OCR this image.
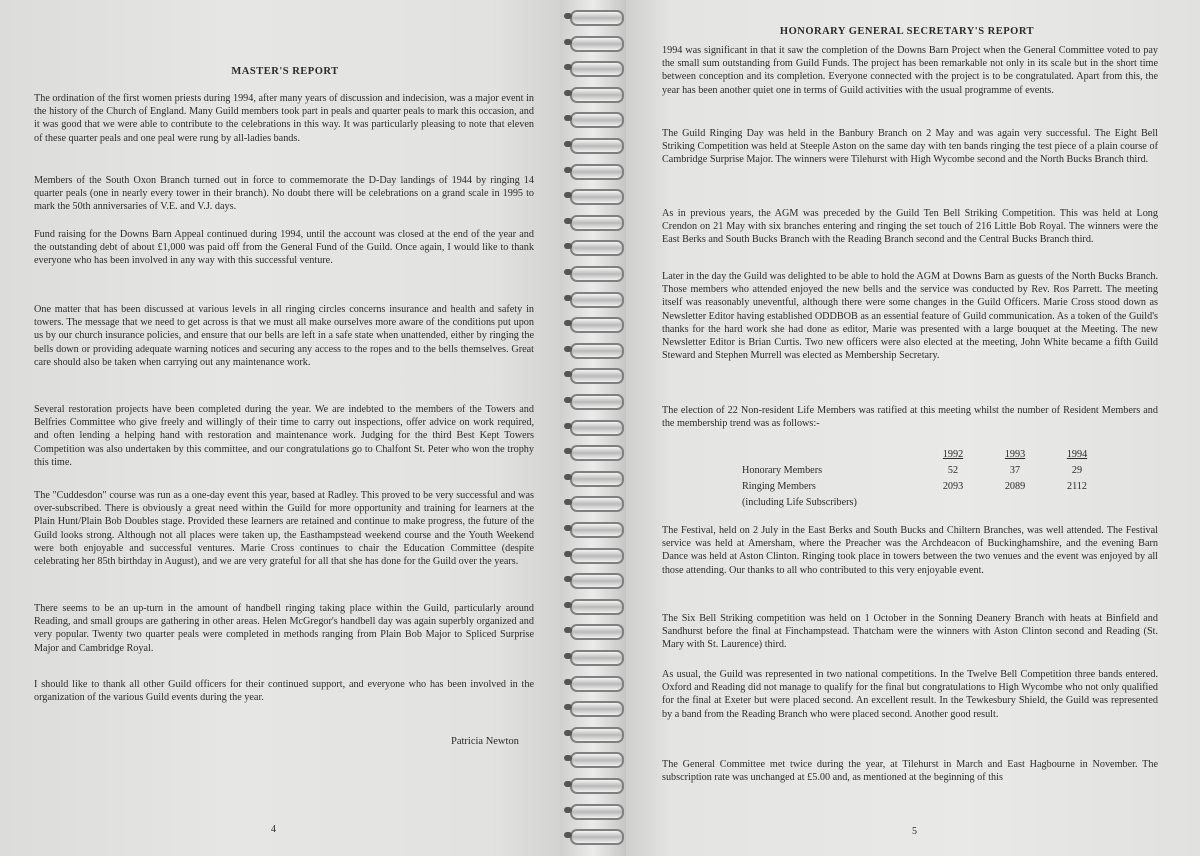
MASTER'S REPORT

The ordination of the first women priests during 1994, after many years of discussion and indecision, was a major event in the history of the Church of England. Many Guild members took part in peals and quarter peals to mark this occasion, and it was good that we were able to contribute to the celebrations in this way. It was particularly pleasing to note that eleven of these quarter peals and one peal were rung by all-ladies bands.

Members of the South Oxon Branch turned out in force to commemorate the D-Day landings of 1944 by ringing 14 quarter peals (one in nearly every tower in their branch). No doubt there will be celebrations on a grand scale in 1995 to mark the 50th anniversaries of V.E. and V.J. days.

Fund raising for the Downs Barn Appeal continued during 1994, until the account was closed at the end of the year and the outstanding debt of about £1,000 was paid off from the General Fund of the Guild. Once again, I would like to thank everyone who has been involved in any way with this successful venture.

One matter that has been discussed at various levels in all ringing circles concerns insurance and health and safety in towers. The message that we need to get across is that we must all make ourselves more aware of the conditions put upon us by our church insurance policies, and ensure that our bells are left in a safe state when unattended, either by ringing the bells down or providing adequate warning notices and securing any access to the ropes and to the bells themselves. Great care should also be taken when carrying out any maintenance work.

Several restoration projects have been completed during the year. We are indebted to the members of the Towers and Belfries Committee who give freely and willingly of their time to carry out inspections, offer advice on work required, and often lending a helping hand with restoration and maintenance work. Judging for the third Best Kept Towers Competition was also undertaken by this committee, and our congratulations go to Chalfont St. Peter who won the trophy this time.

The "Cuddesdon" course was run as a one-day event this year, based at Radley. This proved to be very successful and was over-subscribed. There is obviously a great need within the Guild for more opportunity and training for learners at the Plain Hunt/Plain Bob Doubles stage. Provided these learners are retained and continue to make progress, the future of the Guild looks strong. Although not all places were taken up, the Easthampstead weekend course and the Youth Weekend were both enjoyable and successful ventures. Marie Cross continues to chair the Education Committee (despite celebrating her 85th birthday in August), and we are very grateful for all that she has done for the Guild over the years.

There seems to be an up-turn in the amount of handbell ringing taking place within the Guild, particularly around Reading, and small groups are gathering in other areas. Helen McGregor's handbell day was again superbly organized and very popular. Twenty two quarter peals were completed in methods ranging from Plain Bob Major to Spliced Surprise Major and Cambridge Royal.

I should like to thank all other Guild officers for their continued support, and everyone who has been involved in the organization of the various Guild events during the year.

Patricia Newton
4
HONORARY GENERAL SECRETARY'S REPORT

1994 was significant in that it saw the completion of the Downs Barn Project when the General Committee voted to pay the small sum outstanding from Guild Funds. The project has been remarkable not only in its scale but in the short time between conception and its completion. Everyone connected with the project is to be congratulated. Apart from this, the year has been another quiet one in terms of Guild activities with the usual programme of events.

The Guild Ringing Day was held in the Banbury Branch on 2 May and was again very successful. The Eight Bell Striking Competition was held at Steeple Aston on the same day with ten bands ringing the test piece of a plain course of Cambridge Surprise Major. The winners were Tilehurst with High Wycombe second and the North Bucks Branch third.

As in previous years, the AGM was preceded by the Guild Ten Bell Striking Competition. This was held at Long Crendon on 21 May with six branches entering and ringing the set touch of 216 Little Bob Royal. The winners were the East Berks and South Bucks Branch with the Reading Branch second and the Central Bucks Branch third.

Later in the day the Guild was delighted to be able to hold the AGM at Downs Barn as guests of the North Bucks Branch. Those members who attended enjoyed the new bells and the service was conducted by Rev. Ros Parrett. The meeting itself was reasonably uneventful, although there were some changes in the Guild Officers. Marie Cross stood down as Newsletter Editor having established ODDBOB as an essential feature of Guild communication. As a token of the Guild's thanks for the hard work she had done as editor, Marie was presented with a large bouquet at the Meeting. The new Newsletter Editor is Brian Curtis. Two new officers were also elected at the meeting, John White became a fifth Guild Steward and Stephen Murrell was elected as Membership Secretary.

The election of 22 Non-resident Life Members was ratified at this meeting whilst the number of Resident Members and the membership trend was as follows:-

	1992	1993	1994
Honorary Members	52	37	29
Ringing Members	2093	2089	2112
(including Life Subscribers)			

The Festival, held on 2 July in the East Berks and South Bucks and Chiltern Branches, was well attended. The Festival service was held at Amersham, where the Preacher was the Archdeacon of Buckinghamshire, and the evening Barn Dance was held at Aston Clinton. Ringing took place in towers between the two venues and the event was enjoyed by all those attending. Our thanks to all who contributed to this very enjoyable event.

The Six Bell Striking competition was held on 1 October in the Sonning Deanery Branch with heats at Binfield and Sandhurst before the final at Finchampstead. Thatcham were the winners with Aston Clinton second and Reading (St. Mary with St. Laurence) third.

As usual, the Guild was represented in two national competitions. In the Twelve Bell Competition three bands entered. Oxford and Reading did not manage to qualify for the final but congratulations to High Wycombe who not only qualified for the final at Exeter but were placed second. An excellent result. In the Tewkesbury Shield, the Guild was represented by a band from the Reading Branch who were placed second. Another good result.

The General Committee met twice during the year, at Tilehurst in March and East Hagbourne in November. The subscription rate was unchanged at £5.00 and, as mentioned at the beginning of this

5
